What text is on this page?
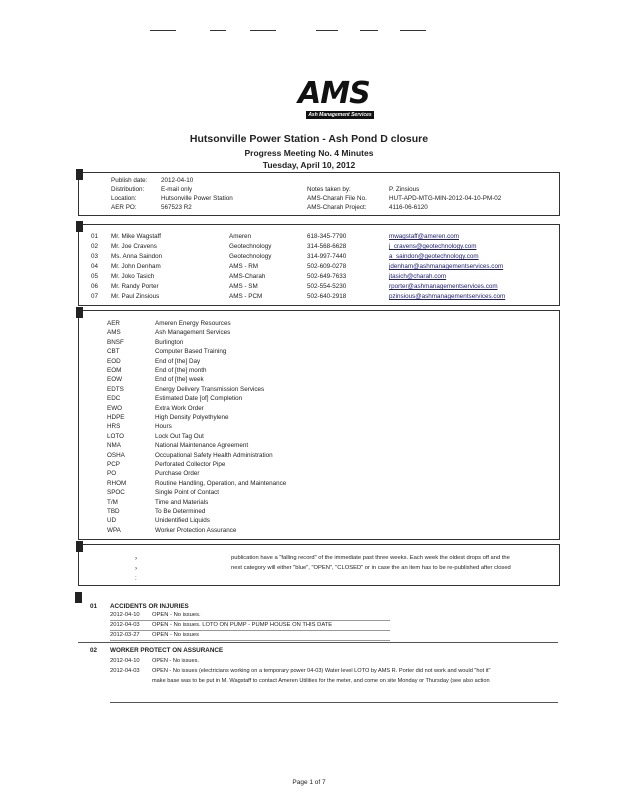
AMS
Ash Management Services
Hutsonville Power Station - Ash Pond D closure
Progress Meeting No. 4 Minutes
Tuesday, April 10, 2012
Publish date: 2012-04-10
Distribution:	E-mail only
Location:	Hutsonville Power Station
AER PO:	567523 R2
Notes taken by:	P. Zinsious
AMS-Charah File No.	HUT-APD-MTG-MIN-2012-04-10-PM-02
AMS-Charah Project:	4116-06-6120
01 Mr. Mike Wagstaff	Ameren	618-345-7790	mwagstaff@ameren.com
02 Mr. Joe Cravens	Geotechnology	314-568-6628	j_cravens@geotechnology.com
03 Ms. Anna Saindon	Geotechnology	314-997-7440	a_saindon@geotechnology.com
04 Mr. John Denham	AMS - RM	502-609-0278	jdenham@ashmanagementservices.com
05 Mr. Joko Tasich	AMS-Charah	502-649-7633	jtasich@charah.com
06 Mr. Randy Porter	AMS - SM	502-554-5230	rporter@ashmanagementservices.com
07 Mr. Paul Zinsious	AMS - PCM	502-640-2918	pzinsious@ashmanagementservices.com
AER	Ameren Energy Resources
AMS	Ash Management Services
BNSF	Burlington
CBT	Computer Based Training
EOD	End of [the] Day
EOM	End of [the] month
EOW	End of [the] week
EDTS	Energy Delivery Transmission Services
EDC	Estimated Date [of] Completion
EWO	Extra Work Order
HDPE	High Density Polyethylene
HRS	Hours
LOTO	Lock Out Tag Out
NMA	National Maintenance Agreement
OSHA	Occupational Safety Health Administration
PCP	Perforated Collector Pipe
PO	Purchase Order
RHOM	Routine Handling, Operation, and Maintenance
SPOC	Single Point of Contact
T/M	Time and Materials
TBD	To Be Determined
UD	Unidentified Liquids
WPA	Worker Protection Assurance
›
›
:
publication have a "falling record" of the immediate past three weeks. Each week the oldest drops off and the
next category will either "blue", "OPEN", "CLOSED" or in case the an item has to be re-published after closed
01 ACCIDENTS OR INJURIES
2012-04-10 OPEN - No issues.
2012-04-03 OPEN - No issues. LOTO ON PUMP - PUMP HOUSE ON THIS DATE
2012-03-27 OPEN - No issues
02 WORKER PROTECT ON ASSURANCE
2012-04-10 OPEN - No issues.
2012-04-03 OPEN - No issues (electricians working on a temporary power 04-03) Water level LOTO by AMS R. Porter did not work and would "hot it"
make base was to be put in M. Wagstaff to contact Ameren Utilities for the meter, and come on site Monday or Thursday (see also action
Page 1 of 7
